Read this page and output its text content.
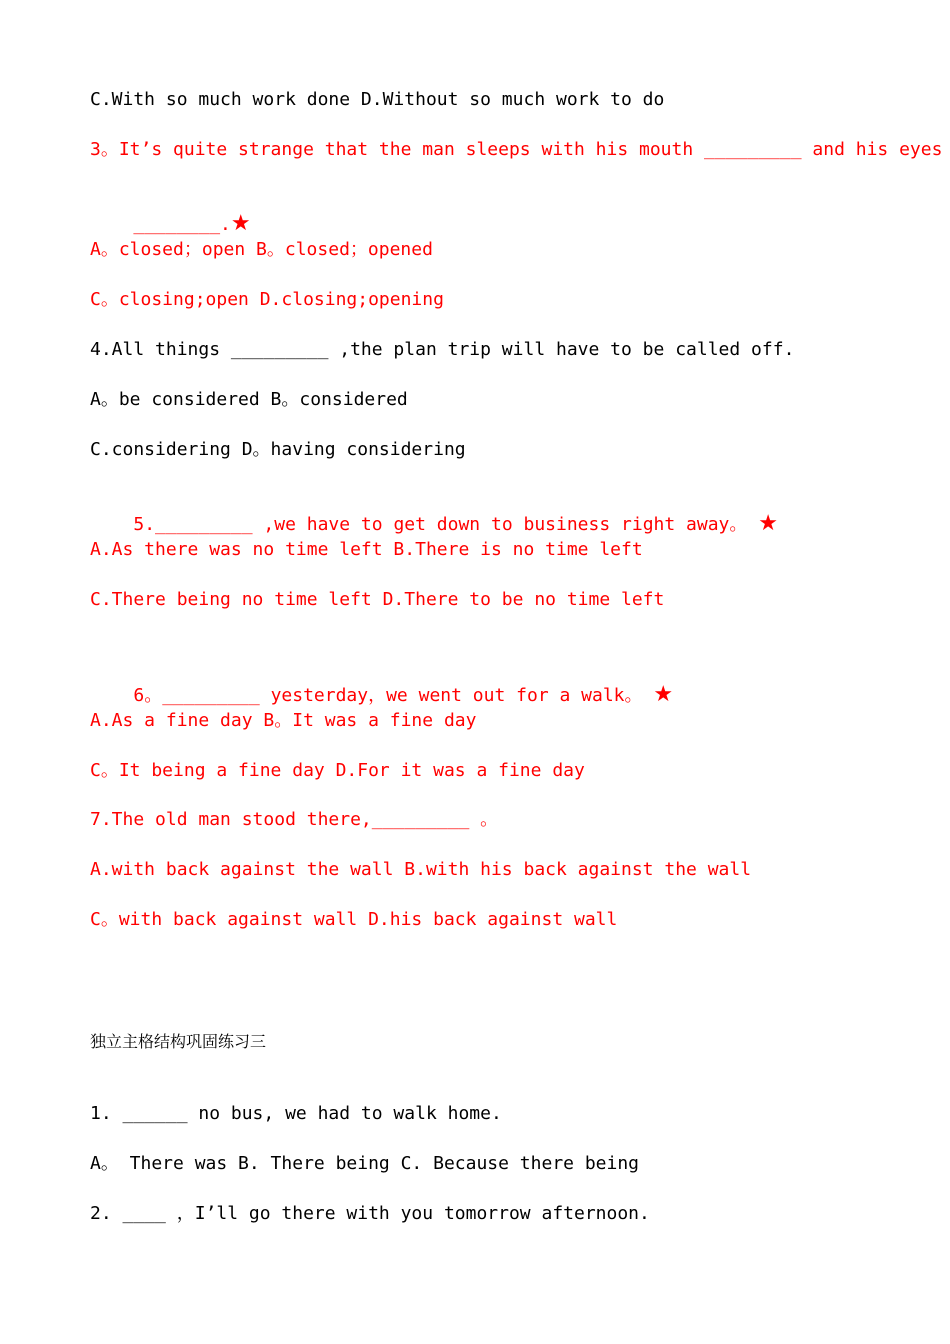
C.With so much work done D.Without so much work to do
3。It’s quite strange that the man sleeps with his mouth _________ and his eyes

________.★

A。closed；open B。closed；opened
C。closing;open D.closing;opening
4.All things _________ ,the plan trip will have to be called off.
A。be considered B。considered
C.considering D。having considering

5._________ ,we have to get down to business right away。 ★

A.As there was no time left B.There is no time left
C.There being no time left D.There to be no time left

6。_________ yesterday，we went out for a walk。 ★

A.As a fine day B。It was a fine day
C。It being a fine day D.For it was a fine day
7.The old man stood there,_________ 。
A.with back against the wall B.with his back against the wall
C。with back against wall D.his back against wall
独立主格结构巩固练习三
1. ______ no bus, we had to walk home.
A。 There was B. There being C. Because there being
2. ____ ，I’ll go there with you tomorrow afternoon.
